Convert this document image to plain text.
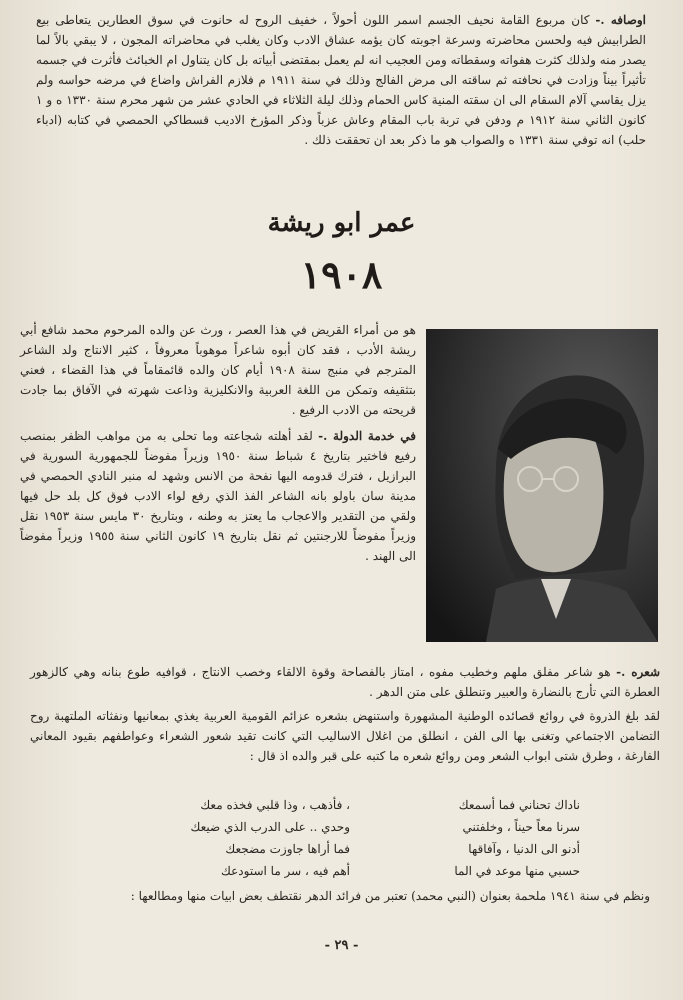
اوصافه .- كان مربوع القامة نحيف الجسم اسمر اللون أحولاً ، خفيف الروح له حانوت في سوق العطارين يتعاطى بيع الطرابيش فيه ولحسن محاضرته وسرعة اجوبته كان يؤمه عشاق الادب وكان يغلب في محاضراته المجون ، لا يبقي بالاً لما يصدر منه ولذلك كثرت هفواته وسقطاته ومن العجيب انه لم يعمل بمقتضى أبياته بل كان يتناول ام الخبائث فأثرت في جسمه تأثيراً بيناً وزادت في نحافته ثم ساقته الى مرض الفالج وذلك في سنة ١٩١١ م فلازم الفراش واضاع في مرضه حواسه ولم يزل يقاسي آلام السقام الى ان سقته المنية كاس الحمام وذلك ليلة الثلاثاء في الحادي عشر من شهر محرم سنة ١٣٣٠ ه و ١ كانون الثاني سنة ١٩١٢ م ودفن في تربة باب المقام وعاش عزباً وذكر المؤرخ الاديب قسطاكي الحمصي في كتابه (ادباء حلب) انه توفي سنة ١٣٣١ ه والصواب هو ما ذكر بعد ان تحققت ذلك .

عمر ابو ريشة
١٩٠٨

هو من أمراء القريض في هذا العصر ، ورث عن والده المرحوم محمد شافع أبي ريشة الأدب ، فقد كان أبوه شاعراً موهوباً معروفاً ، كثير الانتاج ولد الشاعر المترجم في منبج سنة ١٩٠٨ أيام كان والده قائمقاماً في هذا القضاء ، فعني بتثقيفه وتمكن من اللغة العربية والانكليزية وذاعت شهرته في الآفاق بما جادت قريحته من الادب الرفيع .

في خدمة الدولة .- لقد أهلته شجاعته وما تحلى به من مواهب الظفر بمنصب رفيع فاختير بتاريخ ٤ شباط سنة ١٩٥٠ وزيراً مفوضاً للجمهورية السورية في البرازيل ، فترك قدومه اليها نفحة من الانس وشهد له منبر النادي الحمصي في مدينة سان باولو بانه الشاعر الفذ الذي رفع لواء الادب فوق كل بلد حل فيها ولقي من التقدير والاعجاب ما يعتز به وطنه ، وبتاريخ ٣٠ مايس سنة ١٩٥٣ نقل وزيراً مفوضاً للارجنتين ثم نقل بتاريخ ١٩ كانون الثاني سنة ١٩٥٥ وزيراً مفوضاً الى الهند .

شعره .- هو شاعر مفلق ملهم وخطيب مفوه ، امتاز بالفصاحة وقوة الالقاء وخصب الانتاج ، قوافيه طوع بنانه وهي كالزهور العطرة التي تأرج بالنضارة والعبير وتنطلق على متن الدهر .

لقد بلغ الذروة في روائع قصائده الوطنية المشهورة واستنهض بشعره عزائم القومية العربية يغذي بمعانيها ونفثاته الملتهبة روح التضامن الاجتماعي وتغنى بها الى الفن ، انطلق من اغلال الاساليب التي كانت تقيد شعور الشعراء وعواطفهم بقيود المعاني الفارغة ، وطرق شتى ابواب الشعر ومن روائع شعره ما كتبه على قبر والده اذ قال :

ناداك تحناني فما أسمعك
، فأذهب ، وذا قلبي فخذه معك
سرنا معاً حيناً ، وخلفتني
وحدي .. على الدرب الذي ضيعك
أدنو الى الدنيا ، وآفاقها
فما أراها جاوزت مضجعك
حسبي منها موعد في الما
أهم فيه ، سر ما استودعك

ونظم في سنة ١٩٤١ ملحمة بعنوان (النبي محمد) تعتبر من فرائد الدهر نقتطف بعض ابيات منها ومطالعها :

- ٢٩ -
